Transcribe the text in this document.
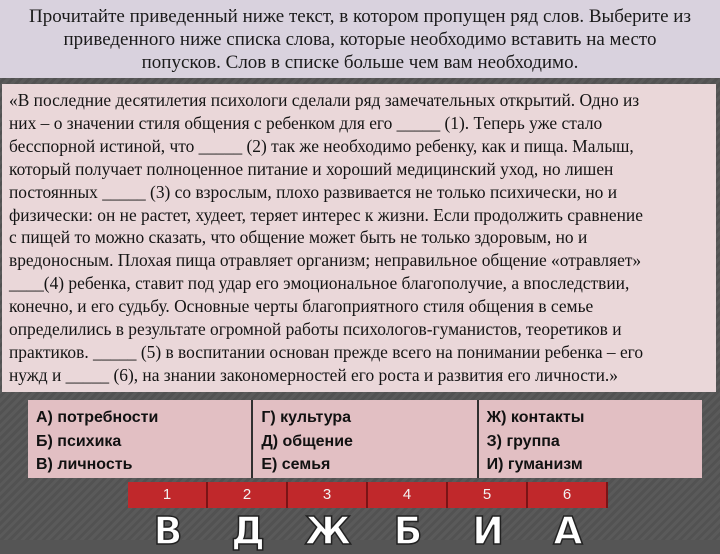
Прочитайте приведенный ниже текст, в котором пропущен ряд слов. Выберите из
приведенного ниже списка слова, которые необходимо вставить на место
попусков. Слов в списке больше чем вам необходимо.
«В последние десятилетия психологи сделали ряд замечательных открытий. Одно из
них – о значении стиля общения с ребенком для его _____ (1). Теперь уже стало
бесспорной истиной, что _____ (2) так же необходимо ребенку, как и пища. Малыш,
который получает полноценное питание и хороший медицинский уход, но лишен
постоянных _____ (3) со взрослым, плохо развивается не только психически, но и
физически: он не растет, худеет, теряет интерес к жизни. Если продолжить сравнение
с пищей то можно сказать, что общение может быть не только здоровым, но и
вредоносным. Плохая пища отравляет организм; неправильное общение «отравляет»
____(4) ребенка, ставит под удар его эмоциональное благополучие, а впоследствии,
конечно, и его судьбу. Основные черты благоприятного стиля общения в семье
определились в результате огромной работы психологов-гуманистов, теоретиков и
практиков. _____ (5) в воспитании основан прежде всего на понимании ребенка – его
нужд и _____ (6), на знании закономерностей его роста и развития его личности.»
А) потребности
Б) психика
В) личность
Г) культура
Д) общение
Е) семья
Ж) контакты
З) группа
И) гуманизм
1
В
2
Д
3
Ж
4
Б
5
И
6
А
